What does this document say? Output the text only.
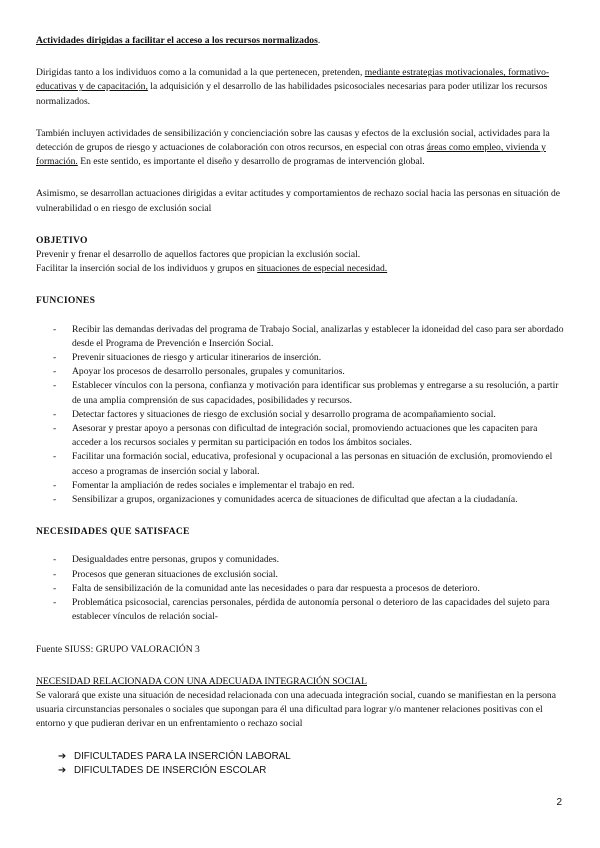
Actividades dirigidas a facilitar el acceso a los recursos normalizados.

Dirigidas tanto a los individuos como a la comunidad a la que pertenecen, pretenden, mediante estrategias motivacionales, formativo-educativas y de capacitación, la adquisición y el desarrollo de las habilidades psicosociales necesarias para poder utilizar los recursos normalizados.

También incluyen actividades de sensibilización y concienciación sobre las causas y efectos de la exclusión social, actividades para la detección de grupos de riesgo y actuaciones de colaboración con otros recursos, en especial con otras áreas como empleo, vivienda y formación. En este sentido, es importante el diseño y desarrollo de programas de intervención global.

Asimismo, se desarrollan actuaciones dirigidas a evitar actitudes y comportamientos de rechazo social hacia las personas en situación de vulnerabilidad o en riesgo de exclusión social

OBJETIVO

Prevenir y frenar el desarrollo de aquellos factores que propician la exclusión social.

Facilitar la inserción social de los individuos y grupos en situaciones de especial necesidad.

FUNCIONES

- Recibir las demandas derivadas del programa de Trabajo Social, analizarlas y establecer la idoneidad del caso para ser abordado desde el Programa de Prevención e Inserción Social.
- Prevenir situaciones de riesgo y articular itinerarios de inserción.
- Apoyar los procesos de desarrollo personales, grupales y comunitarios.
- Establecer vínculos con la persona, confianza y motivación para identificar sus problemas y entregarse a su resolución, a partir de una amplia comprensión de sus capacidades, posibilidades y recursos.
- Detectar factores y situaciones de riesgo de exclusión social y desarrollo programa de acompañamiento social.
- Asesorar y prestar apoyo a personas con dificultad de integración social, promoviendo actuaciones que les capaciten para acceder a los recursos sociales y permitan su participación en todos los ámbitos sociales.
- Facilitar una formación social, educativa, profesional y ocupacional a las personas en situación de exclusión, promoviendo el acceso a programas de inserción social y laboral.
- Fomentar la ampliación de redes sociales e implementar el trabajo en red.
- Sensibilizar a grupos, organizaciones y comunidades acerca de situaciones de dificultad que afectan a la ciudadanía.

NECESIDADES QUE SATISFACE

- Desigualdades entre personas, grupos y comunidades.
- Procesos que generan situaciones de exclusión social.
- Falta de sensibilización de la comunidad ante las necesidades o para dar respuesta a procesos de deterioro.
- Problemática psicosocial, carencias personales, pérdida de autonomía personal o deterioro de las capacidades del sujeto para establecer vínculos de relación social-

Fuente SIUSS: GRUPO VALORACIÓN 3

NECESIDAD RELACIONADA CON UNA ADECUADA INTEGRACIÓN SOCIAL

Se valorará que existe una situación de necesidad relacionada con una adecuada integración social, cuando se manifiestan en la persona usuaria circunstancias personales o sociales que supongan para él una dificultad para lograr y/o mantener relaciones positivas con el entorno y que pudieran derivar en un enfrentamiento o rechazo social

➔ DIFICULTADES PARA LA INSERCIÓN LABORAL
➔ DIFICULTADES DE INSERCIÓN ESCOLAR
2
